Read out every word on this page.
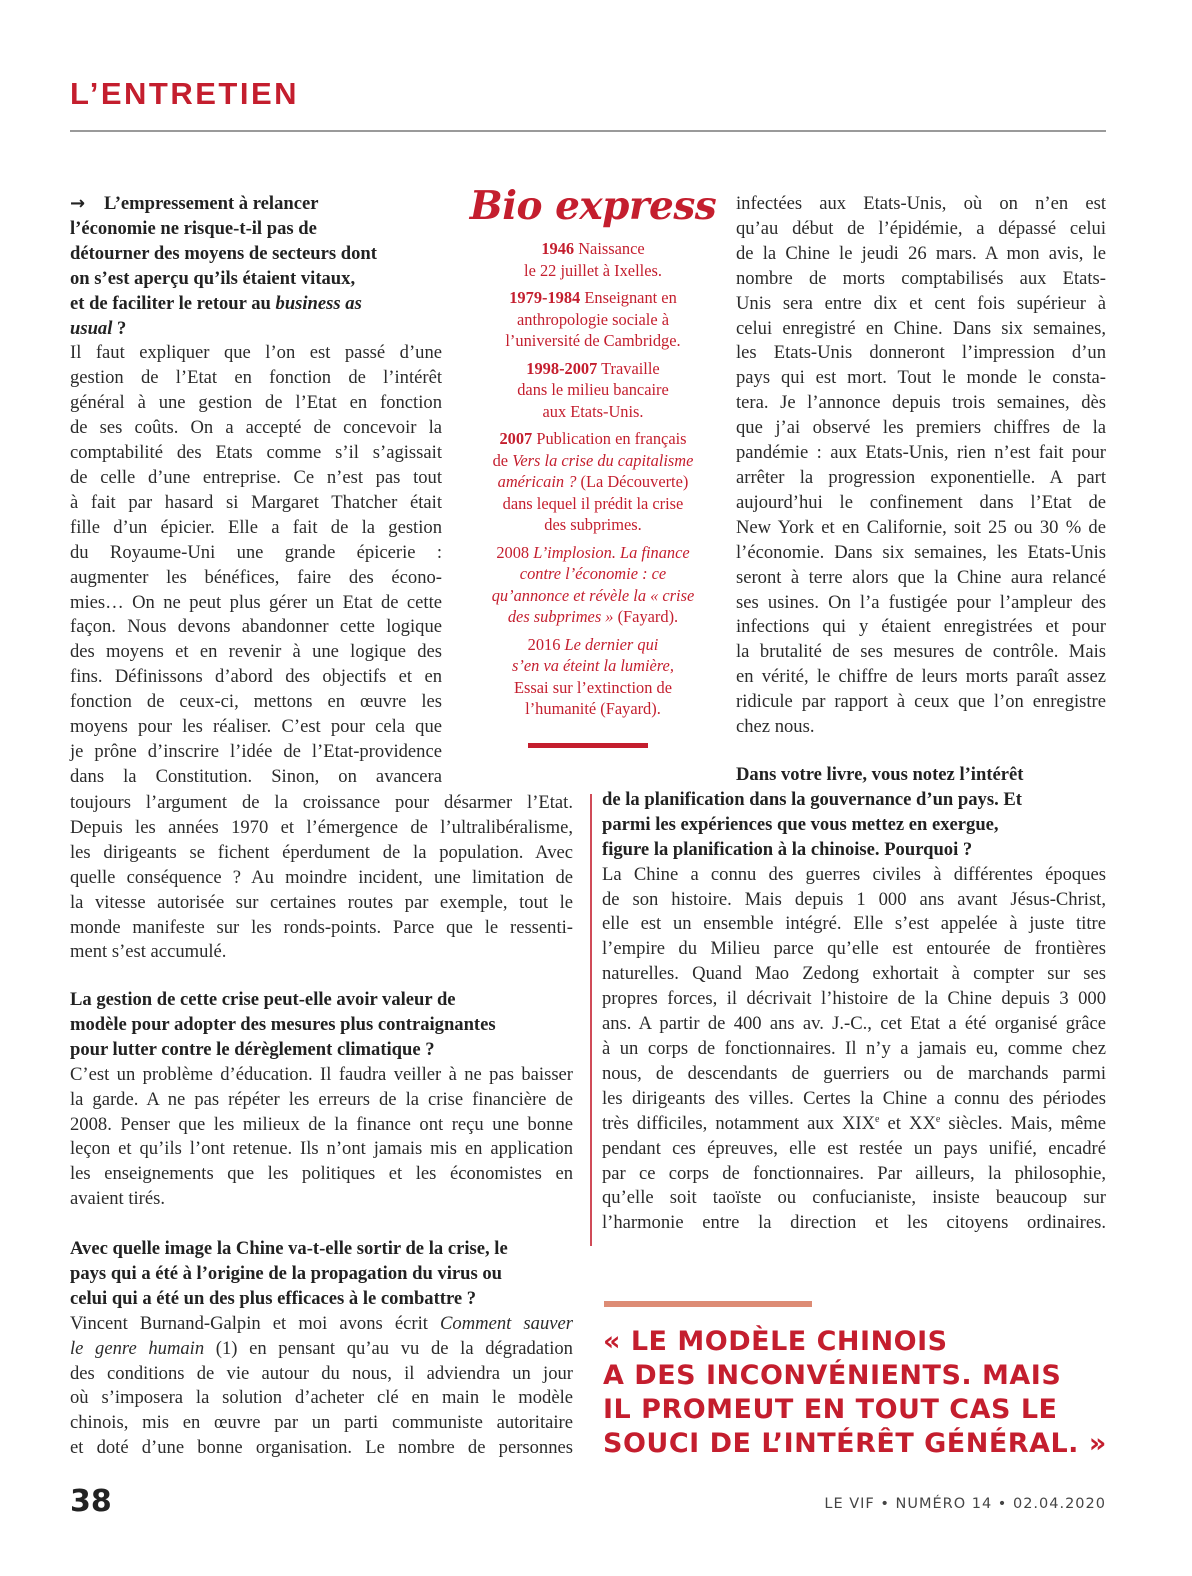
L’ENTRETIEN
→ L’empressement à relancer
l’économie ne risque-t-il pas de
détourner des moyens de secteurs dont
on s’est aperçu qu’ils étaient vitaux,
et de faciliter le retour au business as
usual ?
Il faut expliquer que l’on est passé d’une
gestion de l’Etat en fonction de l’intérêt
général à une gestion de l’Etat en fonction
de ses coûts. On a accepté de concevoir la
comptabilité des Etats comme s’il s’agissait
de celle d’une entreprise. Ce n’est pas tout
à fait par hasard si Margaret Thatcher était
fille d’un épicier. Elle a fait de la gestion
du Royaume-Uni une grande épicerie :
augmenter les bénéfices, faire des écono-
mies… On ne peut plus gérer un Etat de cette
façon. Nous devons abandonner cette logique
des moyens et en revenir à une logique des
fins. Définissons d’abord des objectifs et en
fonction de ceux-ci, mettons en œuvre les
moyens pour les réaliser. C’est pour cela que
je prône d’inscrire l’idée de l’Etat-providence
dans la Constitution. Sinon, on avancera
toujours l’argument de la croissance pour désarmer l’Etat.
Depuis les années 1970 et l’émergence de l’ultralibéralisme,
les dirigeants se fichent éperdument de la population. Avec
quelle conséquence ? Au moindre incident, une limitation de
la vitesse autorisée sur certaines routes par exemple, tout le
monde manifeste sur les ronds-points. Parce que le ressenti-
ment s’est accumulé.
La gestion de cette crise peut-elle avoir valeur de
modèle pour adopter des mesures plus contraignantes
pour lutter contre le dérèglement climatique ?
C’est un problème d’éducation. Il faudra veiller à ne pas baisser
la garde. A ne pas répéter les erreurs de la crise financière de
2008. Penser que les milieux de la finance ont reçu une bonne
leçon et qu’ils l’ont retenue. Ils n’ont jamais mis en application
les enseignements que les politiques et les économistes en
avaient tirés.
Avec quelle image la Chine va-t-elle sortir de la crise, le
pays qui a été à l’origine de la propagation du virus ou
celui qui a été un des plus efficaces à le combattre ?
Vincent Burnand-Galpin et moi avons écrit Comment sauver
le genre humain (1) en pensant qu’au vu de la dégradation
des conditions de vie autour du nous, il adviendra un jour
où s’imposera la solution d’acheter clé en main le modèle
chinois, mis en œuvre par un parti communiste autoritaire
et doté d’une bonne organisation. Le nombre de personnes
Bio express
1946 Naissance
le 22 juillet à Ixelles.
1979-1984 Enseignant en
anthropologie sociale à
l’université de Cambridge.
1998-2007 Travaille
dans le milieu bancaire
aux Etats-Unis.
2007 Publication en français
de Vers la crise du capitalisme
américain ? (La Découverte)
dans lequel il prédit la crise
des subprimes.
2008 L’implosion. La finance
contre l’économie : ce
qu’annonce et révèle la « crise
des subprimes » (Fayard).
2016 Le dernier qui
s’en va éteint la lumière,
Essai sur l’extinction de
l’humanité (Fayard).
infectées aux Etats-Unis, où on n’en est
qu’au début de l’épidémie, a dépassé celui
de la Chine le jeudi 26 mars. A mon avis, le
nombre de morts comptabilisés aux Etats-
Unis sera entre dix et cent fois supérieur à
celui enregistré en Chine. Dans six semaines,
les Etats-Unis donneront l’impression d’un
pays qui est mort. Tout le monde le consta-
tera. Je l’annonce depuis trois semaines, dès
que j’ai observé les premiers chiffres de la
pandémie : aux Etats-Unis, rien n’est fait pour
arrêter la progression exponentielle. A part
aujourd’hui le confinement dans l’Etat de
New York et en Californie, soit 25 ou 30 % de
l’économie. Dans six semaines, les Etats-Unis
seront à terre alors que la Chine aura relancé
ses usines. On l’a fustigée pour l’ampleur des
infections qui y étaient enregistrées et pour
la brutalité de ses mesures de contrôle. Mais
en vérité, le chiffre de leurs morts paraît assez
ridicule par rapport à ceux que l’on enregistre
chez nous.
Dans votre livre, vous notez l’intérêt
de la planification dans la gouvernance d’un pays. Et
parmi les expériences que vous mettez en exergue,
figure la planification à la chinoise. Pourquoi ?
La Chine a connu des guerres civiles à différentes époques
de son histoire. Mais depuis 1 000 ans avant Jésus-Christ,
elle est un ensemble intégré. Elle s’est appelée à juste titre
l’empire du Milieu parce qu’elle est entourée de frontières
naturelles. Quand Mao Zedong exhortait à compter sur ses
propres forces, il décrivait l’histoire de la Chine depuis 3 000
ans. A partir de 400 ans av. J.-C., cet Etat a été organisé grâce
à un corps de fonctionnaires. Il n’y a jamais eu, comme chez
nous, de descendants de guerriers ou de marchands parmi
les dirigeants des villes. Certes la Chine a connu des périodes
très difficiles, notamment aux XIXe et XXe siècles. Mais, même
pendant ces épreuves, elle est restée un pays unifié, encadré
par ce corps de fonctionnaires. Par ailleurs, la philosophie,
qu’elle soit taoïste ou confucianiste, insiste beaucoup sur
l’harmonie entre la direction et les citoyens ordinaires.
« LE MODÈLE CHINOIS
A DES INCONVÉNIENTS. MAIS
IL PROMEUT EN TOUT CAS LE
SOUCI DE L’INTÉRÊT GÉNÉRAL. »
38	LE VIF • NUMÉRO 14 • 02.04.2020
